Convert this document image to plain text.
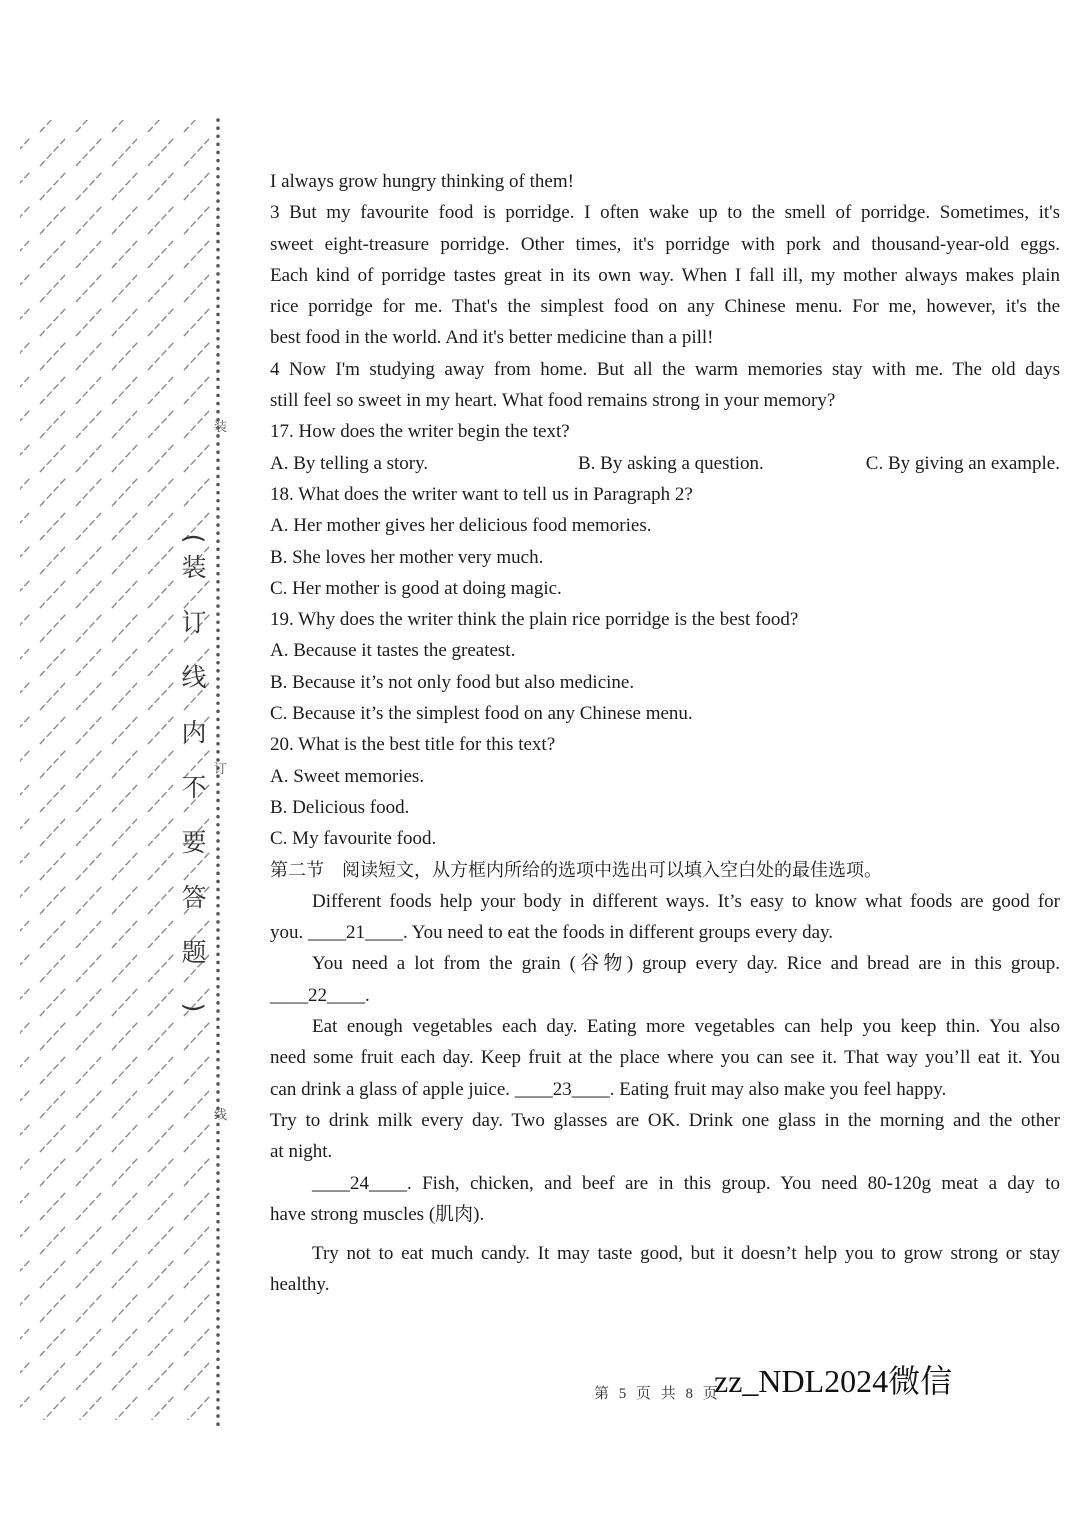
装
订
线
(
装
订
线
内
不
要
答
题
)
I always grow hungry thinking of them!
3 But my favourite food is porridge. I often wake up to the smell of porridge. Sometimes, it's
sweet eight-treasure porridge. Other times, it's porridge with pork and thousand-year-old eggs.
Each kind of porridge tastes great in its own way. When I fall ill, my mother always makes plain
rice porridge for me. That's the simplest food on any Chinese menu. For me, however, it's the
best food in the world. And it's better medicine than a pill!
4 Now I'm studying away from home. But all the warm memories stay with me. The old days
still feel so sweet in my heart. What food remains strong in your memory?
17. How does the writer begin the text?
A. By telling a story.	B. By asking a question.	C. By giving an example.
18. What does the writer want to tell us in Paragraph 2?
A. Her mother gives her delicious food memories.
B. She loves her mother very much.
C. Her mother is good at doing magic.
19. Why does the writer think the plain rice porridge is the best food?
A. Because it tastes the greatest.
B. Because it’s not only food but also medicine.
C. Because it’s the simplest food on any Chinese menu.
20. What is the best title for this text?
A. Sweet memories.
B. Delicious food.
C. My favourite food.
第二节　阅读短文，从方框内所给的选项中选出可以填入空白处的最佳选项。
Different foods help your body in different ways. It’s easy to know what foods are good for
you. ____21____. You need to eat the foods in different groups every day.
You need a lot from the grain (谷物) group every day. Rice and bread are in this group.
____22____.
Eat enough vegetables each day. Eating more vegetables can help you keep thin. You also
need some fruit each day. Keep fruit at the place where you can see it. That way you’ll eat it. You
can drink a glass of apple juice. ____23____. Eating fruit may also make you feel happy.
Try to drink milk every day. Two glasses are OK. Drink one glass in the morning and the other
at night.
____24____. Fish, chicken, and beef are in this group. You need 80-120g meat a day to
have strong muscles (肌肉).
Try not to eat much candy. It may taste good, but it doesn’t help you to grow strong or stay
healthy.
第 5 页 共 8 页
zz_NDL2024微信
